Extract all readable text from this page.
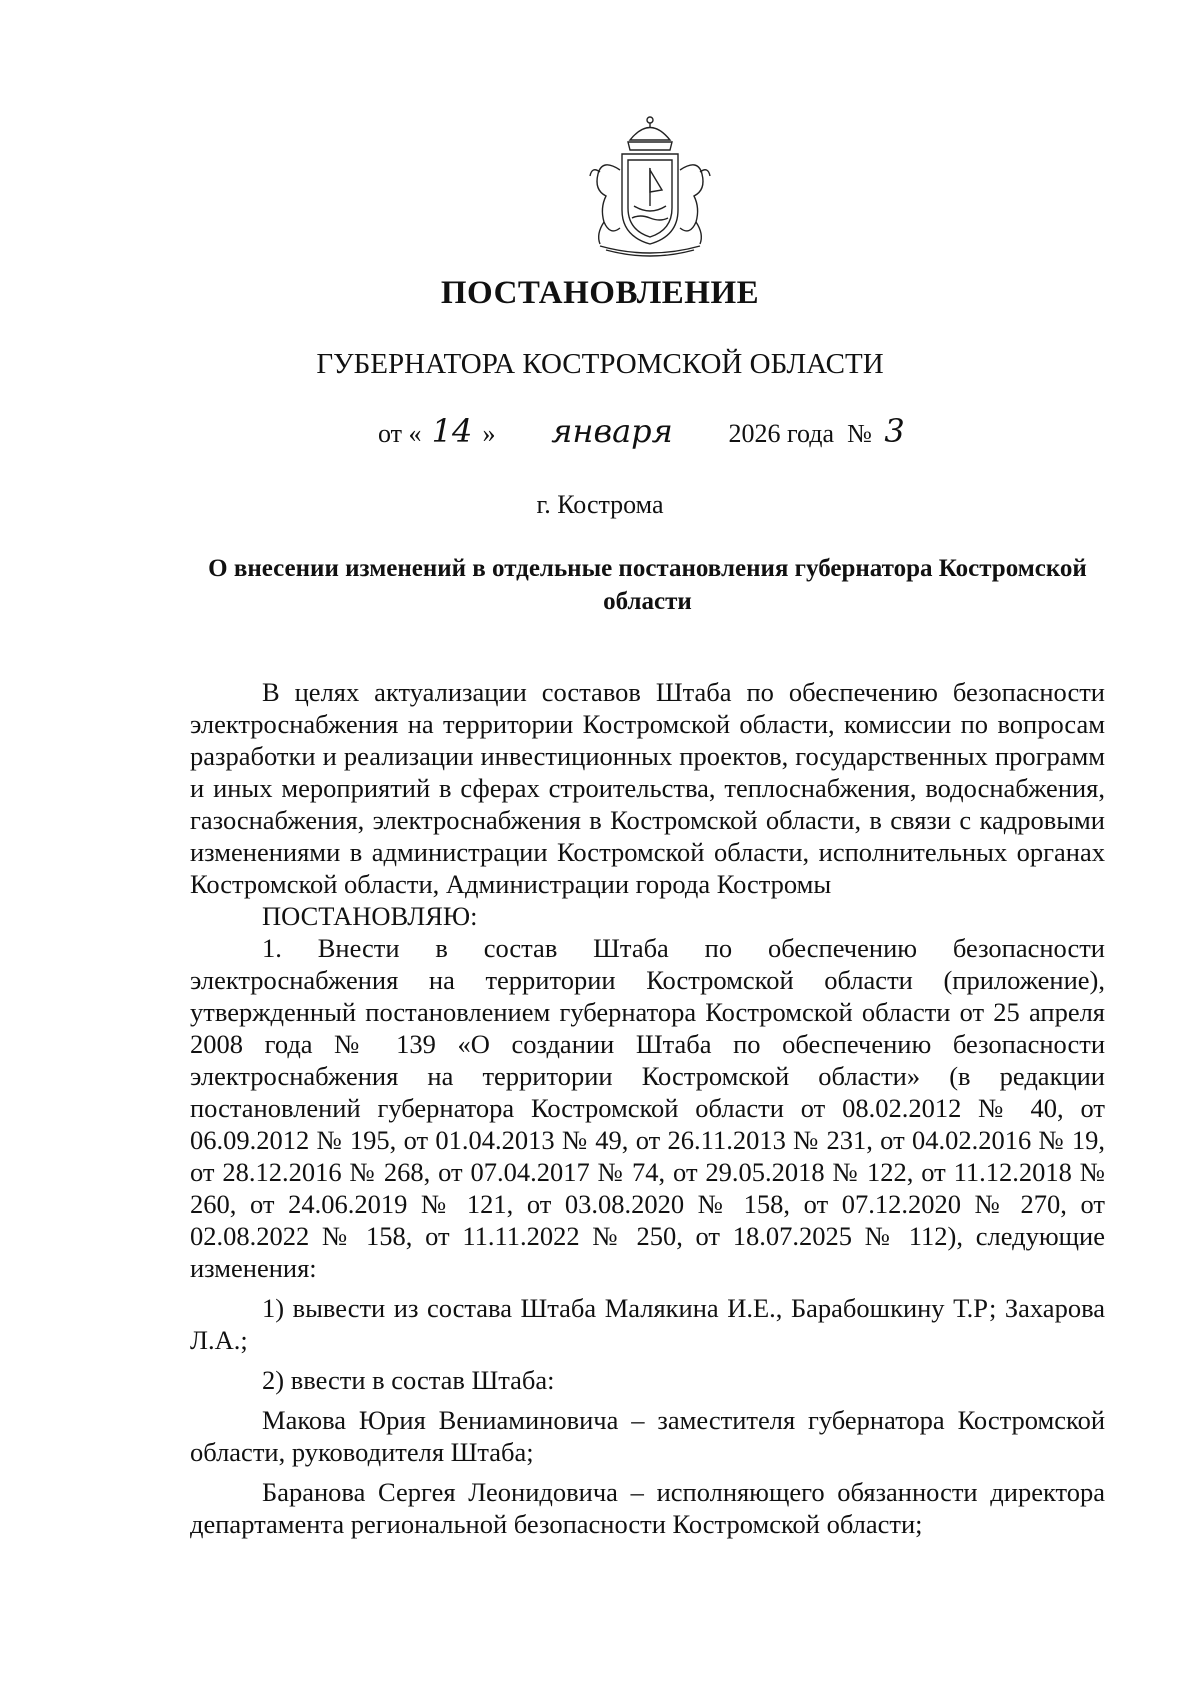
ПОСТАНОВЛЕНИЕ
ГУБЕРНАТОРА КОСТРОМСКОЙ ОБЛАСТИ
от « 14 » января 2026 года № 3
г. Кострома
О внесении изменений в отдельные постановления губернатора Костромской области

В целях актуализации составов Штаба по обеспечению безопасности электроснабжения на территории Костромской области, комиссии по вопросам разработки и реализации инвестиционных проектов, государственных программ и иных мероприятий в сферах строительства, теплоснабжения, водоснабжения, газоснабжения, электроснабжения в Костромской области, в связи с кадровыми изменениями в администрации Костромской области, исполнительных органах Костромской области, Администрации города Костромы

ПОСТАНОВЛЯЮ:

1. Внести в состав Штаба по обеспечению безопасности электроснабжения на территории Костромской области (приложение), утвержденный постановлением губернатора Костромской области от 25 апреля 2008 года № 139 «О создании Штаба по обеспечению безопасности электроснабжения на территории Костромской области» (в редакции постановлений губернатора Костромской области от 08.02.2012 № 40, от 06.09.2012 № 195, от 01.04.2013 № 49, от 26.11.2013 № 231, от 04.02.2016 № 19, от 28.12.2016 № 268, от 07.04.2017 № 74, от 29.05.2018 № 122, от 11.12.2018 № 260, от 24.06.2019 № 121, от 03.08.2020 № 158, от 07.12.2020 № 270, от 02.08.2022 № 158, от 11.11.2022 № 250, от 18.07.2025 № 112), следующие изменения:

1) вывести из состава Штаба Малякина И.Е., Барабошкину Т.Р; Захарова Л.А.;

2) ввести в состав Штаба:

Макова Юрия Вениаминовича – заместителя губернатора Костромской области, руководителя Штаба;

Баранова Сергея Леонидовича – исполняющего обязанности директора департамента региональной безопасности Костромской области;
